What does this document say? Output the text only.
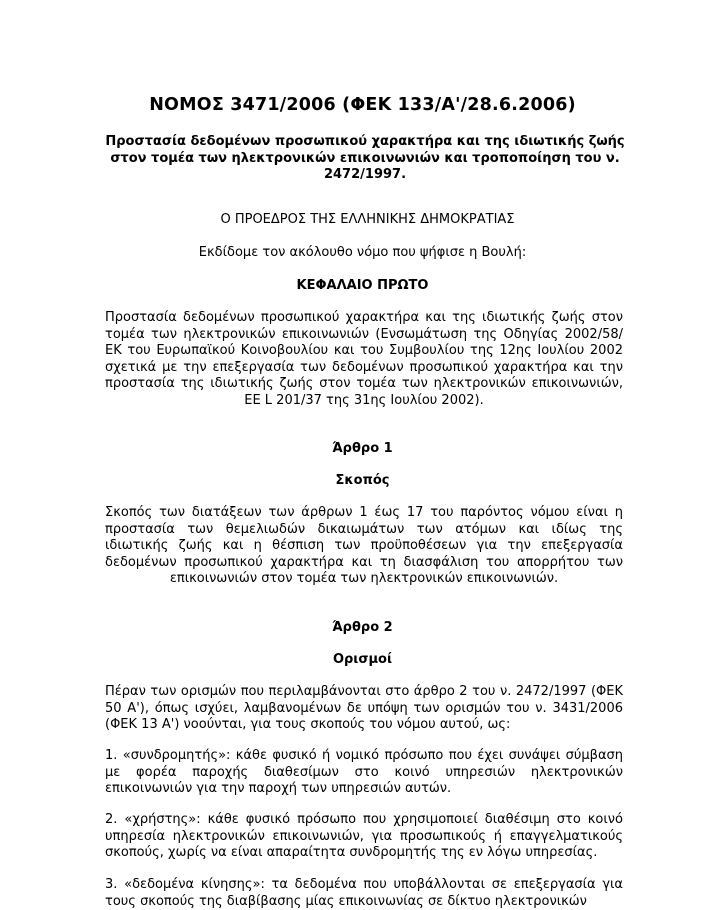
ΝΟΜΟΣ 3471/2006 (ΦΕΚ 133/Α'/28.6.2006)
Προστασία δεδομένων προσωπικού χαρακτήρα και της ιδιωτικής ζωής στον τομέα των ηλεκτρονικών επικοινωνιών και τροποποίηση του ν. 2472/1997.
Ο ΠΡΟΕΔΡΟΣ ΤΗΣ ΕΛΛΗΝΙΚΗΣ ΔΗΜΟΚΡΑΤΙΑΣ
Εκδίδομε τον ακόλουθο νόμο που ψήφισε η Βουλή:
ΚΕΦΑΛΑΙΟ ΠΡΩΤΟ
Προστασία δεδομένων προσωπικού χαρακτήρα και της ιδιωτικής ζωής στον τομέα των ηλεκτρονικών επικοινωνιών (Ενσωμάτωση της Οδηγίας 2002/58/ΕΚ του Ευρωπαϊκού Κοινοβουλίου και του Συμβουλίου της 12ης Ιουλίου 2002 σχετικά με την επεξεργασία των δεδομένων προσωπικού χαρακτήρα και την προστασία της ιδιωτικής ζωής στον τομέα των ηλεκτρονικών επικοινωνιών, ΕΕ L 201/37 της 31ης Ιουλίου 2002).
Άρθρο 1
Σκοπός
Σκοπός των διατάξεων των άρθρων 1 έως 17 του παρόντος νόμου είναι η προστασία των θεμελιωδών δικαιωμάτων των ατόμων και ιδίως της ιδιωτικής ζωής και η θέσπιση των προϋποθέσεων για την επεξεργασία δεδομένων προσωπικού χαρακτήρα και τη διασφάλιση του απορρήτου των επικοινωνιών στον τομέα των ηλεκτρονικών επικοινωνιών.
Άρθρο 2
Ορισμοί
Πέραν των ορισμών που περιλαμβάνονται στο άρθρο 2 του ν. 2472/1997 (ΦΕΚ 50 Α'), όπως ισχύει, λαμβανομένων δε υπόψη των ορισμών του ν. 3431/2006 (ΦΕΚ 13 Α') νοούνται, για τους σκοπούς του νόμου αυτού, ως:
1. «συνδρομητής»: κάθε φυσικό ή νομικό πρόσωπο που έχει συνάψει σύμβαση με φορέα παροχής διαθεσίμων στο κοινό υπηρεσιών ηλεκτρονικών επικοινωνιών για την παροχή των υπηρεσιών αυτών.
2. «χρήστης»: κάθε φυσικό πρόσωπο που χρησιμοποιεί διαθέσιμη στο κοινό υπηρεσία ηλεκτρονικών επικοινωνιών, για προσωπικούς ή επαγγελματικούς σκοπούς, χωρίς να είναι απαραίτητα συνδρομητής της εν λόγω υπηρεσίας.
3. «δεδομένα κίνησης»: τα δεδομένα που υποβάλλονται σε επεξεργασία για τους σκοπούς της διαβίβασης μίας επικοινωνίας σε δίκτυο ηλεκτρονικών
